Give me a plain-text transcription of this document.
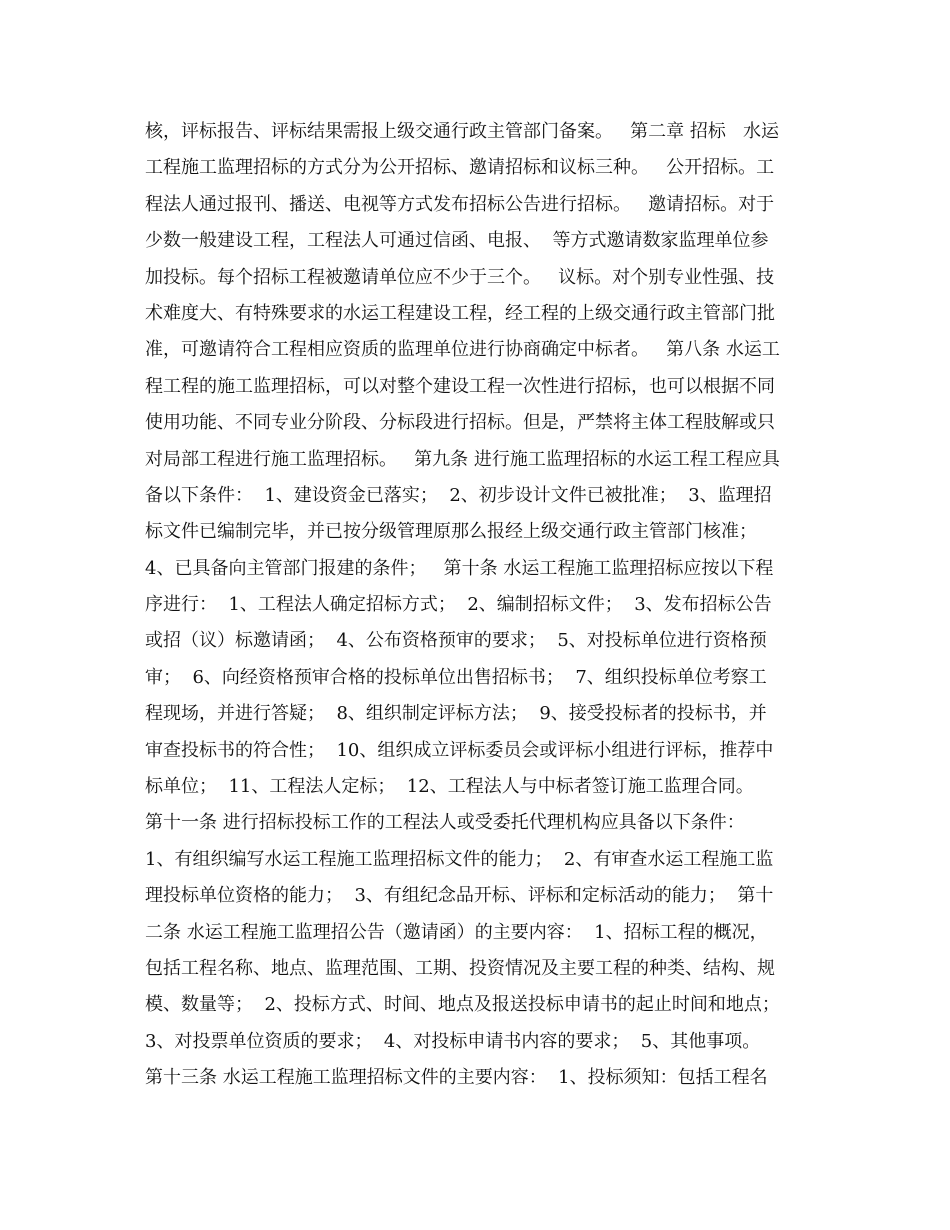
核，评标报告、评标结果需报上级交通行政主管部门备案。   第二章 招标   水运
工程施工监理招标的方式分为公开招标、邀请招标和议标三种。   公开招标。工
程法人通过报刊、播送、电视等方式发布招标公告进行招标。   邀请招标。对于
少数一般建设工程，工程法人可通过信函、电报、  等方式邀请数家监理单位参
加投标。每个招标工程被邀请单位应不少于三个。   议标。对个别专业性强、技
术难度大、有特殊要求的水运工程建设工程，经工程的上级交通行政主管部门批
准，可邀请符合工程相应资质的监理单位进行协商确定中标者。   第八条 水运工
程工程的施工监理招标，可以对整个建设工程一次性进行招标，也可以根据不同
使用功能、不同专业分阶段、分标段进行招标。但是，严禁将主体工程肢解或只
对局部工程进行施工监理招标。   第九条 进行施工监理招标的水运工程工程应具
备以下条件：  1、建设资金已落实；  2、初步设计文件已被批准；  3、监理招
标文件已编制完毕，并已按分级管理原那么报经上级交通行政主管部门核准；
4、已具备向主管部门报建的条件；   第十条 水运工程施工监理招标应按以下程
序进行：  1、工程法人确定招标方式；  2、编制招标文件；  3、发布招标公告
或招（议）标邀请函；  4、公布资格预审的要求；  5、对投标单位进行资格预
审；  6、向经资格预审合格的投标单位出售招标书；  7、组织投标单位考察工
程现场，并进行答疑；  8、组织制定评标方法；  9、接受投标者的投标书，并
审查投标书的符合性；  10、组织成立评标委员会或评标小组进行评标，推荐中
标单位；  11、工程法人定标；  12、工程法人与中标者签订施工监理合同。
第十一条 进行招标投标工作的工程法人或受委托代理机构应具备以下条件：
1、有组织编写水运工程施工监理招标文件的能力；  2、有审查水运工程施工监
理投标单位资格的能力；  3、有组纪念品开标、评标和定标活动的能力；  第十
二条 水运工程施工监理招公告（邀请函）的主要内容：  1、招标工程的概况，
包括工程名称、地点、监理范围、工期、投资情况及主要工程的种类、结构、规
模、数量等；  2、投标方式、时间、地点及报送投标申请书的起止时间和地点；
3、对投票单位资质的要求；  4、对投标申请书内容的要求；  5、其他事项。
第十三条 水运工程施工监理招标文件的主要内容：  1、投标须知：包括工程名
